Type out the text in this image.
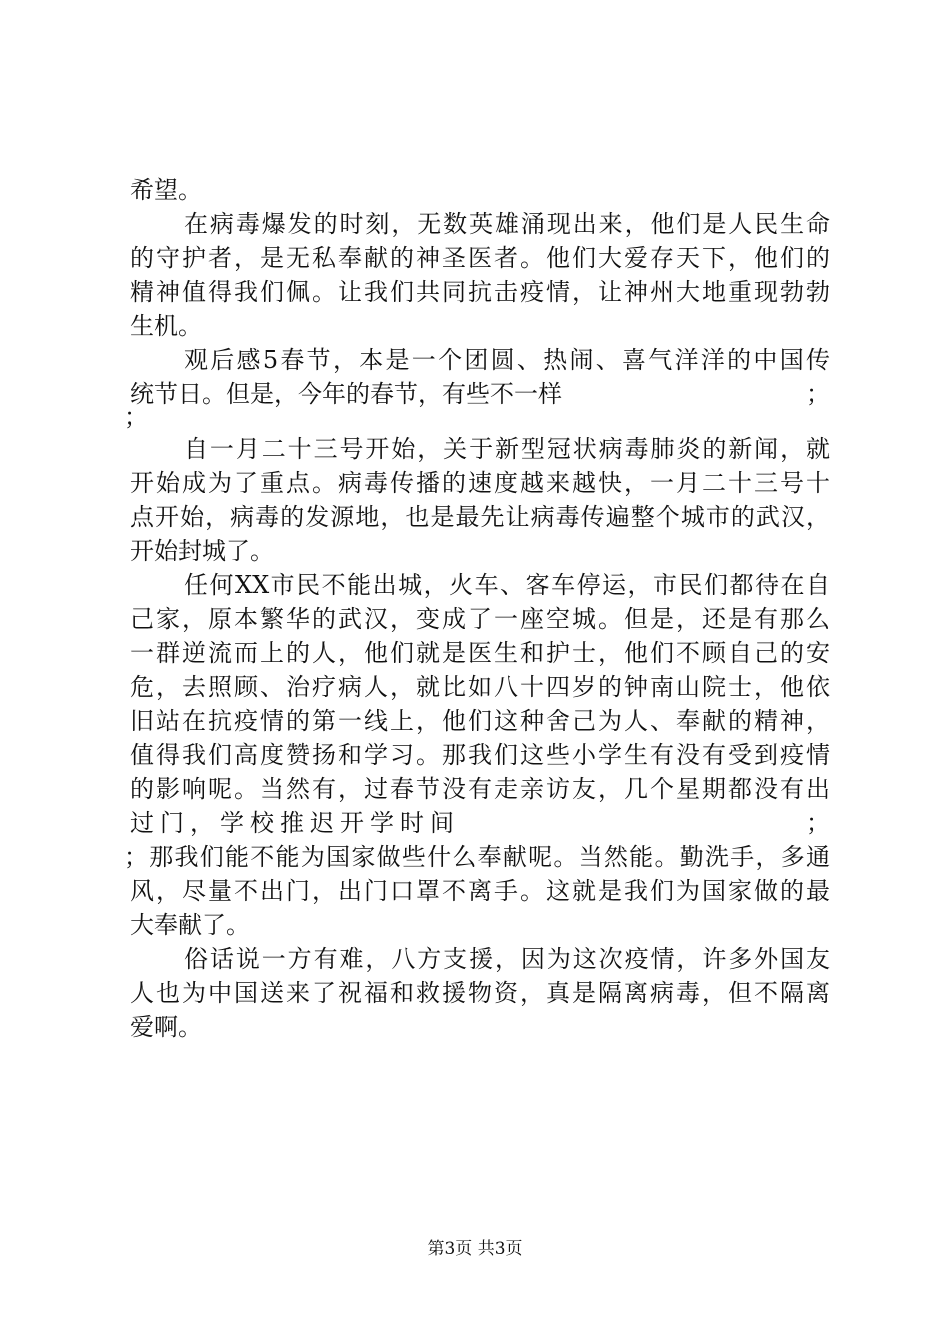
希望。
在病毒爆发的时刻，无数英雄涌现出来，他们是人民生命
的守护者，是无私奉献的神圣医者。他们大爱存天下，他们的
精神值得我们佩。让我们共同抗击疫情，让神州大地重现勃勃
生机。
观后感5春节，本是一个团圆、热闹、喜气洋洋的中国传
统节日。但是，今年的春节，有些不一样	；
；
自一月二十三号开始，关于新型冠状病毒肺炎的新闻，就
开始成为了重点。病毒传播的速度越来越快，一月二十三号十
点开始，病毒的发源地，也是最先让病毒传遍整个城市的武汉，
开始封城了。
任何XX市民不能出城，火车、客车停运，市民们都待在自
己家，原本繁华的武汉，变成了一座空城。但是，还是有那么
一群逆流而上的人，他们就是医生和护士，他们不顾自己的安
危，去照顾、治疗病人，就比如八十四岁的钟南山院士，他依
旧站在抗疫情的第一线上，他们这种舍己为人、奉献的精神，
值得我们高度赞扬和学习。那我们这些小学生有没有受到疫情
的影响呢。当然有，过春节没有走亲访友，几个星期都没有出
过门，学校推迟开学时间	；
；那我们能不能为国家做些什么奉献呢。当然能。勤洗手，多通
风，尽量不出门，出门口罩不离手。这就是我们为国家做的最
大奉献了。
俗话说一方有难，八方支援，因为这次疫情，许多外国友
人也为中国送来了祝福和救援物资，真是隔离病毒，但不隔离
爱啊。
第3页 共3页
